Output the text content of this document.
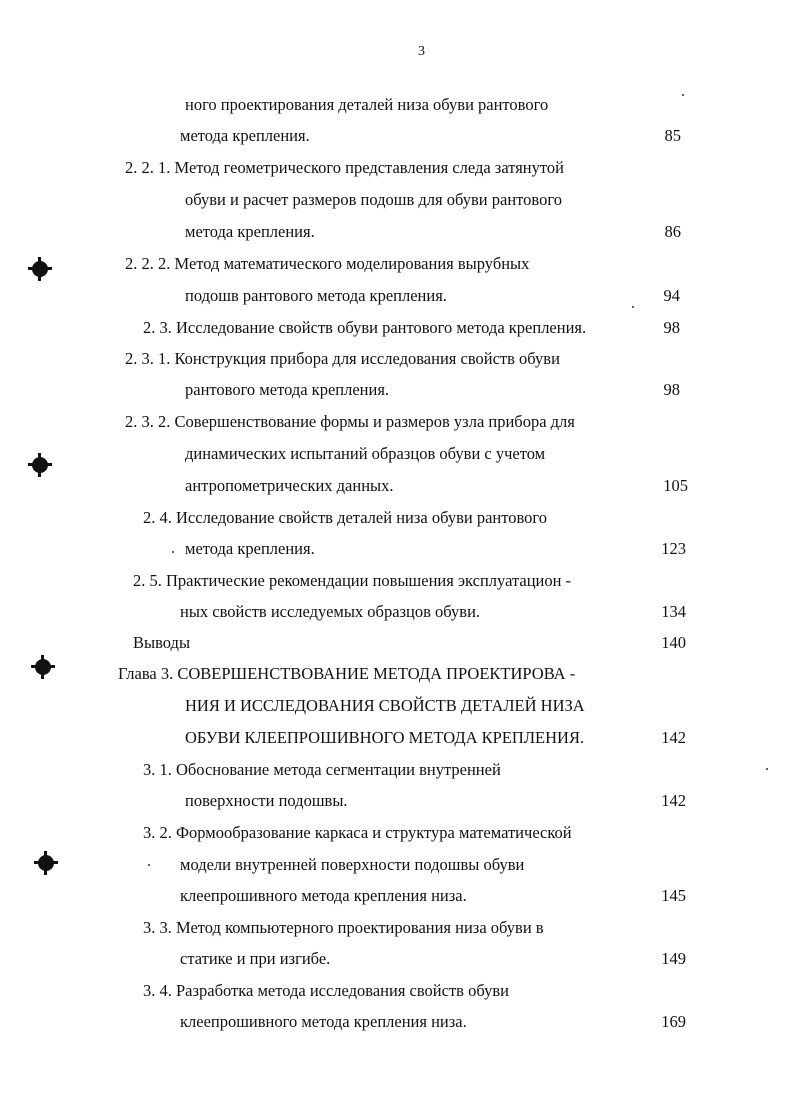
3
ного проектирования деталей низа обуви рантового
метода крепления.	85
2. 2. 1. Метод геометрического представления следа затянутой
обуви и расчет размеров подошв для обуви рантового
метода крепления.	86
2. 2. 2. Метод математического моделирования вырубных
подошв рантового метода крепления.	94
2. 3. Исследование свойств обуви рантового метода крепления.	98
2. 3. 1. Конструкция прибора для исследования свойств обуви
рантового метода крепления.	98
2. 3. 2. Совершенствование формы и размеров узла прибора для
динамических испытаний образцов обуви с учетом
антропометрических данных.	105
2. 4. Исследование свойств деталей низа обуви рантового
метода крепления.	123
2. 5. Практические рекомендации повышения эксплуатацион -
ных свойств исследуемых образцов обуви.	134
Выводы	140
Глава 3. СОВЕРШЕНСТВОВАНИЕ МЕТОДА ПРОЕКТИРОВА -
НИЯ И ИССЛЕДОВАНИЯ СВОЙСТВ ДЕТАЛЕЙ НИЗА
ОБУВИ КЛЕЕПРОШИВНОГО МЕТОДА КРЕПЛЕНИЯ.	142
3. 1. Обоснование метода сегментации внутренней
поверхности подошвы.	142
3. 2. Формообразование каркаса и структура математической
модели внутренней поверхности подошвы обуви
клеепрошивного метода крепления низа.	145
3. 3. Метод компьютерного проектирования низа обуви в
статике и при изгибе.	149
3. 4. Разработка метода исследования свойств обуви
клеепрошивного метода крепления низа.	169
